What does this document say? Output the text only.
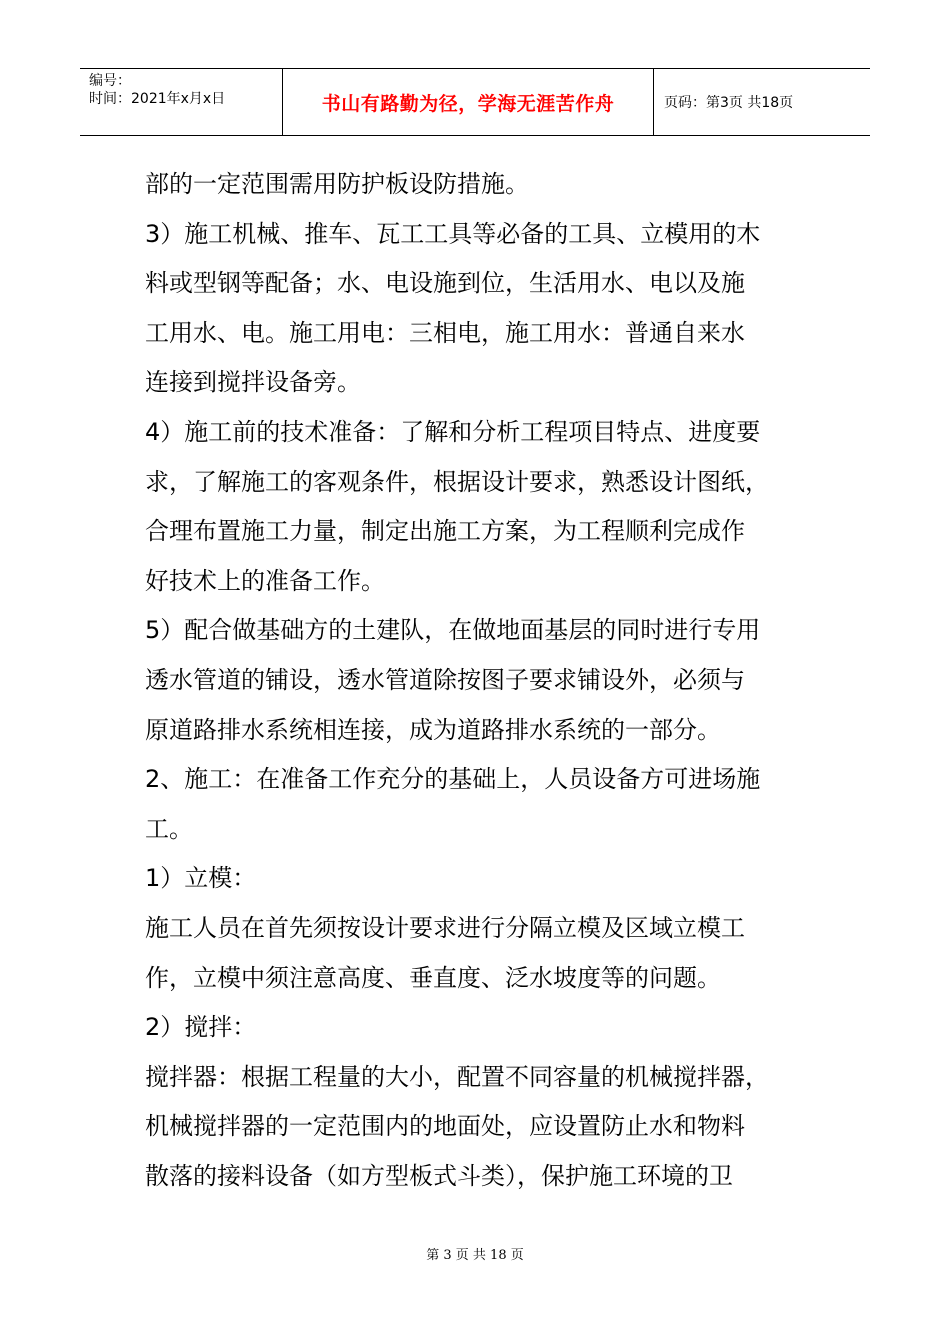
编号：
时间：2021年x月x日	书山有路勤为径，学海无涯苦作舟	页码：第3页 共18页

部的一定范围需用防护板设防措施。

3）施工机械、推车、瓦工工具等必备的工具、立模用的木

料或型钢等配备；水、电设施到位，生活用水、电以及施

工用水、电。施工用电：三相电，施工用水：普通自来水

连接到搅拌设备旁。

4）施工前的技术准备：了解和分析工程项目特点、进度要

求，了解施工的客观条件，根据设计要求，熟悉设计图纸，

合理布置施工力量，制定出施工方案，为工程顺利完成作

好技术上的准备工作。

5）配合做基础方的土建队，在做地面基层的同时进行专用

透水管道的铺设，透水管道除按图子要求铺设外，必须与

原道路排水系统相连接，成为道路排水系统的一部分。

2、施工：在准备工作充分的基础上，人员设备方可进场施

工。

1）立模：

施工人员在首先须按设计要求进行分隔立模及区域立模工

作，立模中须注意高度、垂直度、泛水坡度等的问题。

2）搅拌：

搅拌器：根据工程量的大小，配置不同容量的机械搅拌器，

机械搅拌器的一定范围内的地面处，应设置防止水和物料

散落的接料设备（如方型板式斗类），保护施工环境的卫

第 3 页 共 18 页
